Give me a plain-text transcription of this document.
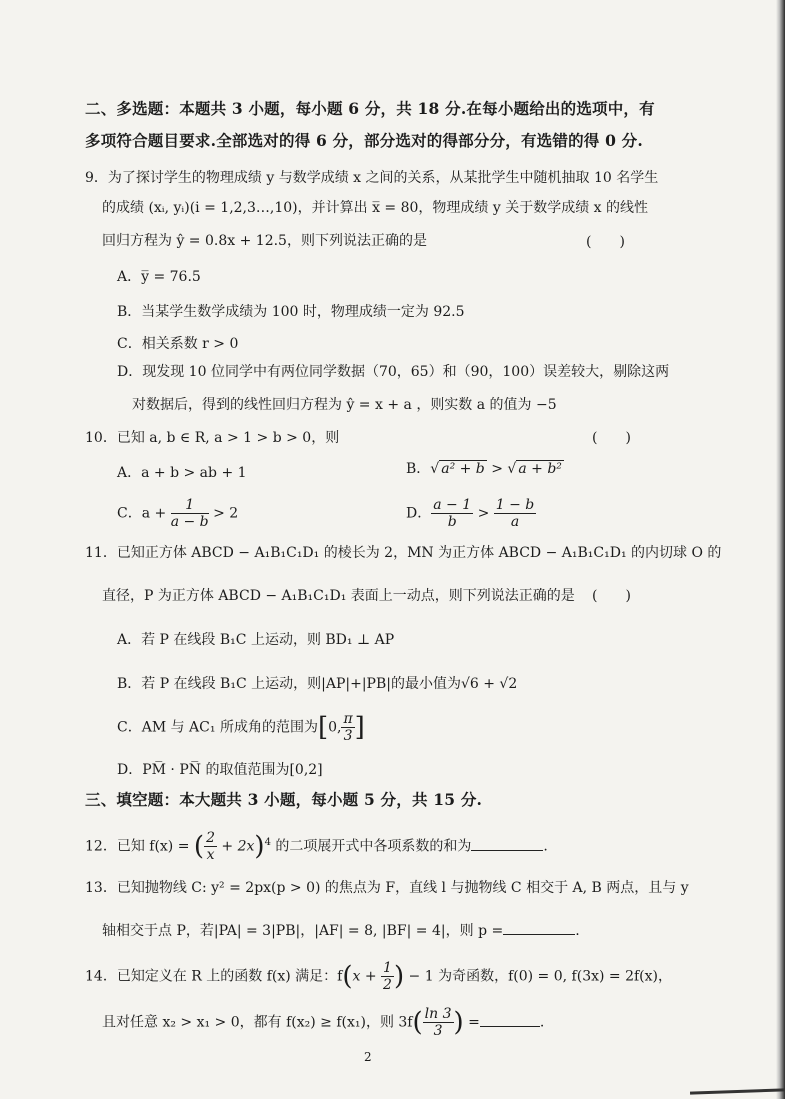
二、多选题：本题共 3 小题，每小题 6 分，共 18 分.在每小题给出的选项中，有
多项符合题目要求.全部选对的得 6 分，部分选对的得部分分，有选错的得 0 分.
9．为了探讨学生的物理成绩 y 与数学成绩 x 之间的关系，从某批学生中随机抽取 10 名学生
的成绩 (xᵢ, yᵢ)(i = 1,2,3…,10)，并计算出 x̅ = 80，物理成绩 y 关于数学成绩 x 的线性
回归方程为 ŷ = 0.8x + 12.5，则下列说法正确的是	(　　)
A．y̅ = 76.5
B．当某学生数学成绩为 100 时，物理成绩一定为 92.5
C．相关系数 r > 0
D．现发现 10 位同学中有两位同学数据（70，65）和（90，100）误差较大，剔除这两
对数据后，得到的线性回归方程为 ŷ = x + a ，则实数 a 的值为 −5
10．已知 a, b ∈ R, a > 1 > b > 0，则	(　　)
A．a + b > ab + 1	B．√ a² + b > √ a + b²
C．$a + \frac{1}{a - b} > 2$	D． $\frac{a - 1}{b} > \frac{1 - b}{a}$
11．已知正方体 ABCD − A₁B₁C₁D₁ 的棱长为 2，MN 为正方体 ABCD − A₁B₁C₁D₁ 的内切球 O 的
直径，P 为正方体 ABCD − A₁B₁C₁D₁ 表面上一动点，则下列说法正确的是 (　　)
A．若 P 在线段 B₁C 上运动，则 BD₁ ⊥ AP
B．若 P 在线段 B₁C 上运动，则|AP|+|PB|的最小值为√6 + √2
C．AM 与 AC₁ 所成角的范围为[0, $\frac{\pi}{3}$ ]
D．PM̅ · PN̅ 的取值范围为[0,2]
三、填空题：本大题共 3 小题，每小题 5 分，共 15 分.
12．已知 f(x) = ( $\frac{2}{x} + 2x)^4$ 的二项展开式中各项系数的和为	.
13．已知抛物线 C: y² = 2px(p > 0) 的焦点为 F，直线 l 与抛物线 C 相交于 A, B 两点，且与 y
轴相交于点 P，若|PA| = 3|PB|，|AF| = 8, |BF| = 4|，则 p =	.
14．已知定义在 R 上的函数 f(x) 满足：$f(x + \frac{1}{2}$ ) − 1 为奇函数，f(0) = 0, f(3x) = 2f(x)，
且对任意 x₂ > x₁ > 0，都有 f(x₂) ≥ f(x₁)，则 $3f( \frac{\ln 3}{3}$ ) =	.
2
